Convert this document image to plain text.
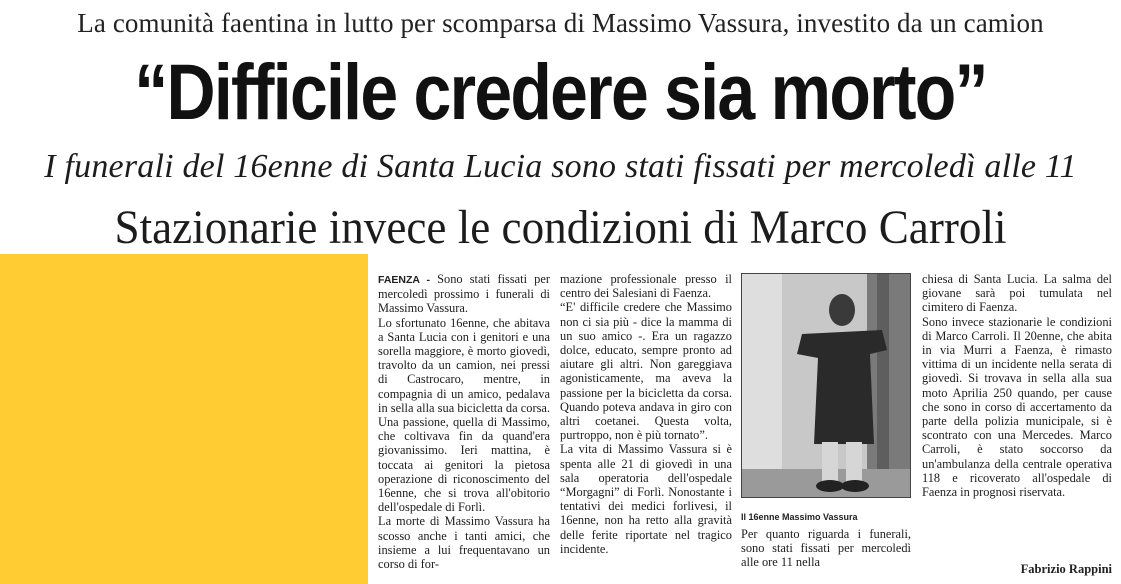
La comunità faentina in lutto per scomparsa di Massimo Vassura, investito da un camion
“Difficile credere sia morto”
I funerali del 16enne di Santa Lucia sono stati fissati per mercoledì alle 11
Stazionarie invece le condizioni di Marco Carroli

FAENZA - Sono stati fissati per mercoledì prossimo i funerali di Massimo Vassura.

Lo sfortunato 16enne, che abitava a Santa Lucia con i genitori e una sorella maggiore, è morto giovedì, travolto da un camion, nei pressi di Castrocaro, mentre, in compagnia di un amico, pedalava in sella alla sua bicicletta da corsa. Una passione, quella di Massimo, che coltivava fin da quand'era giovanissimo. Ieri mattina, è toccata ai genitori la pietosa operazione di riconoscimento del 16enne, che si trova all'obitorio dell'ospedale di Forlì.

La morte di Massimo Vassura ha scosso anche i tanti amici, che insieme a lui frequentavano un corso di for-

mazione professionale presso il centro dei Salesiani di Faenza.

“E' difficile credere che Massimo non ci sia più - dice la mamma di un suo amico -. Era un ragazzo dolce, educato, sempre pronto ad aiutare gli altri. Non gareggiava agonisticamente, ma aveva la passione per la bicicletta da corsa. Quando poteva andava in giro con altri coetanei. Questa volta, purtroppo, non è più tornato”.

La vita di Massimo Vassura si è spenta alle 21 di giovedì in una sala operatoria dell'ospedale “Morgagni” di Forlì. Nonostante i tentativi dei medici forlivesi, il 16enne, non ha retto alla gravità delle ferite riportate nel tragico incidente.

Il 16enne Massimo Vassura

Per quanto riguarda i funerali, sono stati fissati per mercoledì alle ore 11 nella

chiesa di Santa Lucia. La salma del giovane sarà poi tumulata nel cimitero di Faenza.

Sono invece stazionarie le condizioni di Marco Carroli. Il 20enne, che abita in via Murri a Faenza, è rimasto vittima di un incidente nella serata di giovedì. Si trovava in sella alla sua moto Aprilia 250 quando, per cause che sono in corso di accertamento da parte della polizia municipale, si è scontrato con una Mercedes. Marco Carroli, è stato soccorso da un'ambulanza della centrale operativa 118 e ricoverato all'ospedale di Faenza in prognosi riservata.

Fabrizio Rappini
